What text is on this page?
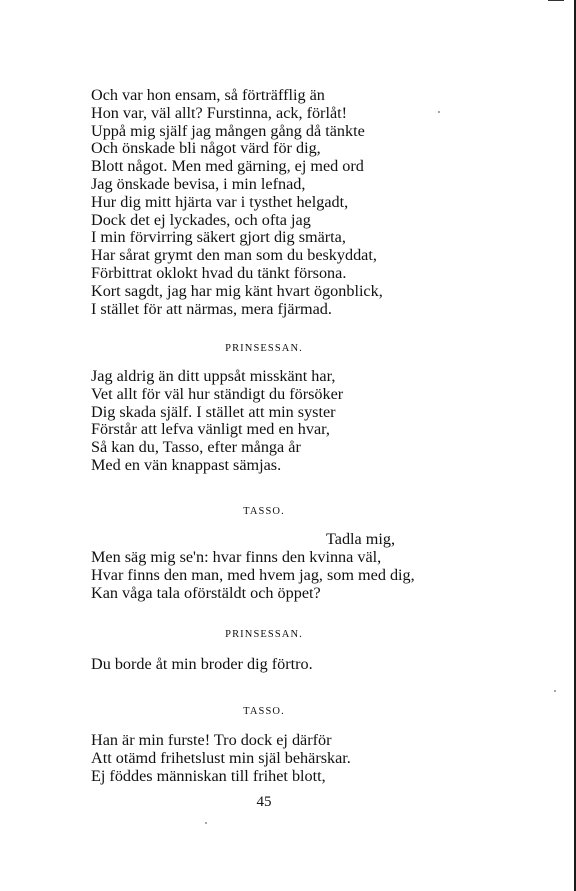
Och var hon ensam, så förträfflig än
Hon var, väl allt? Furstinna, ack, förlåt!
Uppå mig själf jag mången gång då tänkte
Och önskade bli något värd för dig,
Blott något. Men med gärning, ej med ord
Jag önskade bevisa, i min lefnad,
Hur dig mitt hjärta var i tysthet helgadt,
Dock det ej lyckades, och ofta jag
I min förvirring säkert gjort dig smärta,
Har sårat grymt den man som du beskyddat,
Förbittrat oklokt hvad du tänkt försona.
Kort sagdt, jag har mig känt hvart ögonblick,
I stället för att närmas, mera fjärmad.
PRINSESSAN.
Jag aldrig än ditt uppsåt misskänt har,
Vet allt för väl hur ständigt du försöker
Dig skada själf. I stället att min syster
Förstår att lefva vänligt med en hvar,
Så kan du, Tasso, efter många år
Med en vän knappast sämjas.
TASSO.
Tadla mig,
Men säg mig se'n: hvar finns den kvinna väl,
Hvar finns den man, med hvem jag, som med dig,
Kan våga tala oförstäldt och öppet?
PRINSESSAN.
Du borde åt min broder dig förtro.
TASSO.
Han är min furste! Tro dock ej därför
Att otämd frihetslust min själ behärskar.
Ej föddes människan till frihet blott,
45
